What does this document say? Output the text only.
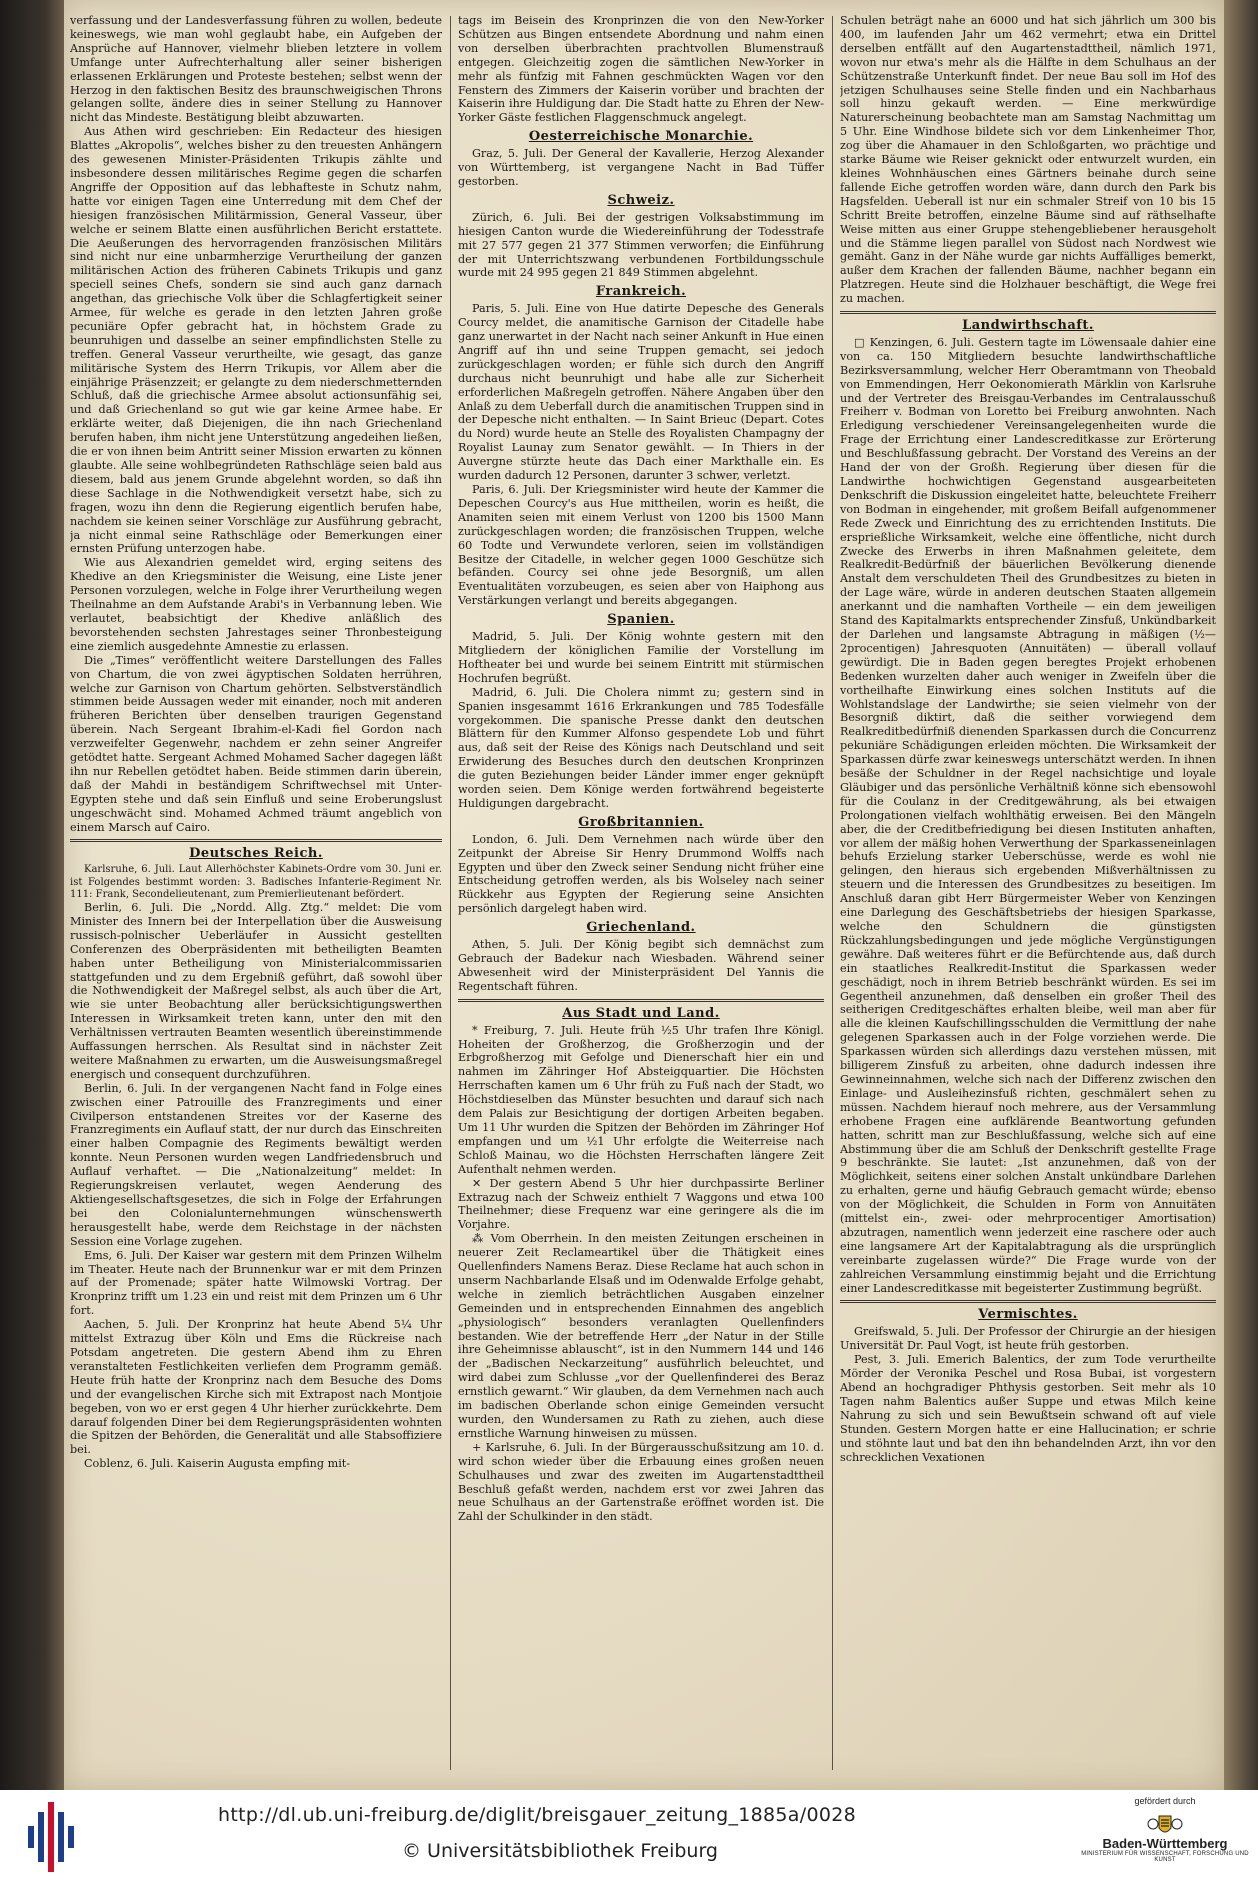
verfassung und der Landesverfassung führen zu wollen, bedeute keineswegs, wie man wohl geglaubt habe, ein Aufgeben der Ansprüche auf Hannover, vielmehr blieben letztere in vollem Umfange unter Aufrechterhaltung aller seiner bisherigen erlassenen Erklärungen und Proteste bestehen; selbst wenn der Herzog in den faktischen Besitz des braunschweigischen Throns gelangen sollte, ändere dies in seiner Stellung zu Hannover nicht das Mindeste. Bestätigung bleibt abzuwarten.

Aus Athen wird geschrieben: Ein Redacteur des hiesigen Blattes „Akropolis“, welches bisher zu den treuesten Anhängern des gewesenen Minister-Präsidenten Trikupis zählte und insbesondere dessen militärisches Regime gegen die scharfen Angriffe der Opposition auf das lebhafteste in Schutz nahm, hatte vor einigen Tagen eine Unterredung mit dem Chef der hiesigen französischen Militärmission, General Vasseur, über welche er seinem Blatte einen ausführlichen Bericht erstattete. Die Aeußerungen des hervorragenden französischen Militärs sind nicht nur eine unbarmherzige Verurtheilung der ganzen militärischen Action des früheren Cabinets Trikupis und ganz speciell seines Chefs, sondern sie sind auch ganz darnach angethan, das griechische Volk über die Schlagfertigkeit seiner Armee, für welche es gerade in den letzten Jahren große pecuniäre Opfer gebracht hat, in höchstem Grade zu beunruhigen und dasselbe an seiner empfindlichsten Stelle zu treffen. General Vasseur verurtheilte, wie gesagt, das ganze militärische System des Herrn Trikupis, vor Allem aber die einjährige Präsenzzeit; er gelangte zu dem niederschmetternden Schluß, daß die griechische Armee absolut actionsunfähig sei, und daß Griechenland so gut wie gar keine Armee habe. Er erklärte weiter, daß Diejenigen, die ihn nach Griechenland berufen haben, ihm nicht jene Unterstützung angedeihen ließen, die er von ihnen beim Antritt seiner Mission erwarten zu können glaubte. Alle seine wohlbegründeten Rathschläge seien bald aus diesem, bald aus jenem Grunde abgelehnt worden, so daß ihn diese Sachlage in die Nothwendigkeit versetzt habe, sich zu fragen, wozu ihn denn die Regierung eigentlich berufen habe, nachdem sie keinen seiner Vorschläge zur Ausführung gebracht, ja nicht einmal seine Rathschläge oder Bemerkungen einer ernsten Prüfung unterzogen habe.

Wie aus Alexandrien gemeldet wird, erging seitens des Khedive an den Kriegsminister die Weisung, eine Liste jener Personen vorzulegen, welche in Folge ihrer Verurtheilung wegen Theilnahme an dem Aufstande Arabi's in Verbannung leben. Wie verlautet, beabsichtigt der Khedive anläßlich des bevorstehenden sechsten Jahrestages seiner Thronbesteigung eine ziemlich ausgedehnte Amnestie zu erlassen.

Die „Times“ veröffentlicht weitere Darstellungen des Falles von Chartum, die von zwei ägyptischen Soldaten herrühren, welche zur Garnison von Chartum gehörten. Selbstverständlich stimmen beide Aussagen weder mit einander, noch mit anderen früheren Berichten über denselben traurigen Gegenstand überein. Nach Sergeant Ibrahim-el-Kadi fiel Gordon nach verzweifelter Gegenwehr, nachdem er zehn seiner Angreifer getödtet hatte. Sergeant Achmed Mohamed Sacher dagegen läßt ihn nur Rebellen getödtet haben. Beide stimmen darin überein, daß der Mahdi in beständigem Schriftwechsel mit Unter-Egypten stehe und daß sein Einfluß und seine Eroberungslust ungeschwächt sind. Mohamed Achmed träumt angeblich von einem Marsch auf Cairo.

Deutsches Reich.

Karlsruhe, 6. Juli. Laut Allerhöchster Kabinets-Ordre vom 30. Juni er. ist Folgendes bestimmt worden: 3. Badisches Infanterie-Regiment Nr. 111: Frank, Secondelieutenant, zum Premierlieutenant befördert.

Berlin, 6. Juli. Die „Nordd. Allg. Ztg.“ meldet: Die vom Minister des Innern bei der Interpellation über die Ausweisung russisch-polnischer Ueberläufer in Aussicht gestellten Conferenzen des Oberpräsidenten mit betheiligten Beamten haben unter Betheiligung von Ministerialcommissarien stattgefunden und zu dem Ergebniß geführt, daß sowohl über die Nothwendigkeit der Maßregel selbst, als auch über die Art, wie sie unter Beobachtung aller berücksichtigungswerthen Interessen in Wirksamkeit treten kann, unter den mit den Verhältnissen vertrauten Beamten wesentlich übereinstimmende Auffassungen herrschen. Als Resultat sind in nächster Zeit weitere Maßnahmen zu erwarten, um die Ausweisungsmaßregel energisch und consequent durchzuführen.

Berlin, 6. Juli. In der vergangenen Nacht fand in Folge eines zwischen einer Patrouille des Franzregiments und einer Civilperson entstandenen Streites vor der Kaserne des Franzregiments ein Auflauf statt, der nur durch das Einschreiten einer halben Compagnie des Regiments bewältigt werden konnte. Neun Personen wurden wegen Landfriedensbruch und Auflauf verhaftet. — Die „Nationalzeitung“ meldet: In Regierungskreisen verlautet, wegen Aenderung des Aktiengesellschaftsgesetzes, die sich in Folge der Erfahrungen bei den Colonialunternehmungen wünschenswerth herausgestellt habe, werde dem Reichstage in der nächsten Session eine Vorlage zugehen.

Ems, 6. Juli. Der Kaiser war gestern mit dem Prinzen Wilhelm im Theater. Heute nach der Brunnenkur war er mit dem Prinzen auf der Promenade; später hatte Wilmowski Vortrag. Der Kronprinz trifft um 1.23 ein und reist mit dem Prinzen um 6 Uhr fort.

Aachen, 5. Juli. Der Kronprinz hat heute Abend 5¼ Uhr mittelst Extrazug über Köln und Ems die Rückreise nach Potsdam angetreten. Die gestern Abend ihm zu Ehren veranstalteten Festlichkeiten verliefen dem Programm gemäß. Heute früh hatte der Kronprinz nach dem Besuche des Doms und der evangelischen Kirche sich mit Extrapost nach Montjoie begeben, von wo er erst gegen 4 Uhr hierher zurückkehrte. Dem darauf folgenden Diner bei dem Regierungspräsidenten wohnten die Spitzen der Behörden, die Generalität und alle Stabsoffiziere bei.

Coblenz, 6. Juli. Kaiserin Augusta empfing mit-

tags im Beisein des Kronprinzen die von den New-Yorker Schützen aus Bingen entsendete Abordnung und nahm einen von derselben überbrachten prachtvollen Blumenstrauß entgegen. Gleichzeitig zogen die sämtlichen New-Yorker in mehr als fünfzig mit Fahnen geschmückten Wagen vor den Fenstern des Zimmers der Kaiserin vorüber und brachten der Kaiserin ihre Huldigung dar. Die Stadt hatte zu Ehren der New-Yorker Gäste festlichen Flaggenschmuck angelegt.

Oesterreichische Monarchie.

Graz, 5. Juli. Der General der Kavallerie, Herzog Alexander von Württemberg, ist vergangene Nacht in Bad Tüffer gestorben.

Schweiz.

Zürich, 6. Juli. Bei der gestrigen Volksabstimmung im hiesigen Canton wurde die Wiedereinführung der Todesstrafe mit 27 577 gegen 21 377 Stimmen verworfen; die Einführung der mit Unterrichtszwang verbundenen Fortbildungsschule wurde mit 24 995 gegen 21 849 Stimmen abgelehnt.

Frankreich.

Paris, 5. Juli. Eine von Hue datirte Depesche des Generals Courcy meldet, die anamitische Garnison der Citadelle habe ganz unerwartet in der Nacht nach seiner Ankunft in Hue einen Angriff auf ihn und seine Truppen gemacht, sei jedoch zurückgeschlagen worden; er fühle sich durch den Angriff durchaus nicht beunruhigt und habe alle zur Sicherheit erforderlichen Maßregeln getroffen. Nähere Angaben über den Anlaß zu dem Ueberfall durch die anamitischen Truppen sind in der Depesche nicht enthalten. — In Saint Brieuc (Depart. Cotes du Nord) wurde heute an Stelle des Royalisten Champagny der Royalist Launay zum Senator gewählt. — In Thiers in der Auvergne stürzte heute das Dach einer Markthalle ein. Es wurden dadurch 12 Personen, darunter 3 schwer, verletzt.

Paris, 6. Juli. Der Kriegsminister wird heute der Kammer die Depeschen Courcy's aus Hue mittheilen, worin es heißt, die Anamiten seien mit einem Verlust von 1200 bis 1500 Mann zurückgeschlagen worden; die französischen Truppen, welche 60 Todte und Verwundete verloren, seien im vollständigen Besitze der Citadelle, in welcher gegen 1000 Geschütze sich befänden. Courcy sei ohne jede Besorgniß, um allen Eventualitäten vorzubeugen, es seien aber von Haiphong aus Verstärkungen verlangt und bereits abgegangen.

Spanien.

Madrid, 5. Juli. Der König wohnte gestern mit den Mitgliedern der königlichen Familie der Vorstellung im Hoftheater bei und wurde bei seinem Eintritt mit stürmischen Hochrufen begrüßt.

Madrid, 6. Juli. Die Cholera nimmt zu; gestern sind in Spanien insgesammt 1616 Erkrankungen und 785 Todesfälle vorgekommen. Die spanische Presse dankt den deutschen Blättern für den Kummer Alfonso gespendete Lob und führt aus, daß seit der Reise des Königs nach Deutschland und seit Erwiderung des Besuches durch den deutschen Kronprinzen die guten Beziehungen beider Länder immer enger geknüpft worden seien. Dem Könige werden fortwährend begeisterte Huldigungen dargebracht.

Großbritannien.

London, 6. Juli. Dem Vernehmen nach würde über den Zeitpunkt der Abreise Sir Henry Drummond Wolffs nach Egypten und über den Zweck seiner Sendung nicht früher eine Entscheidung getroffen werden, als bis Wolseley nach seiner Rückkehr aus Egypten der Regierung seine Ansichten persönlich dargelegt haben wird.

Griechenland.

Athen, 5. Juli. Der König begibt sich demnächst zum Gebrauch der Badekur nach Wiesbaden. Während seiner Abwesenheit wird der Ministerpräsident Del Yannis die Regentschaft führen.

Aus Stadt und Land.

* Freiburg, 7. Juli. Heute früh ½5 Uhr trafen Ihre Königl. Hoheiten der Großherzog, die Großherzogin und der Erbgroßherzog mit Gefolge und Dienerschaft hier ein und nahmen im Zähringer Hof Absteigquartier. Die Höchsten Herrschaften kamen um 6 Uhr früh zu Fuß nach der Stadt, wo Höchstdieselben das Münster besuchten und darauf sich nach dem Palais zur Besichtigung der dortigen Arbeiten begaben. Um 11 Uhr wurden die Spitzen der Behörden im Zähringer Hof empfangen und um ½1 Uhr erfolgte die Weiterreise nach Schloß Mainau, wo die Höchsten Herrschaften längere Zeit Aufenthalt nehmen werden.

✕ Der gestern Abend 5 Uhr hier durchpassirte Berliner Extrazug nach der Schweiz enthielt 7 Waggons und etwa 100 Theilnehmer; diese Frequenz war eine geringere als die im Vorjahre.

⁂ Vom Oberrhein. In den meisten Zeitungen erscheinen in neuerer Zeit Reclameartikel über die Thätigkeit eines Quellenfinders Namens Beraz. Diese Reclame hat auch schon in unserm Nachbarlande Elsaß und im Odenwalde Erfolge gehabt, welche in ziemlich beträchtlichen Ausgaben einzelner Gemeinden und in entsprechenden Einnahmen des angeblich „physiologisch“ besonders veranlagten Quellenfinders bestanden. Wie der betreffende Herr „der Natur in der Stille ihre Geheimnisse ablauscht“, ist in den Nummern 144 und 146 der „Badischen Neckarzeitung“ ausführlich beleuchtet, und wird dabei zum Schlusse „vor der Quellenfinderei des Beraz ernstlich gewarnt.“ Wir glauben, da dem Vernehmen nach auch im badischen Oberlande schon einige Gemeinden versucht wurden, den Wundersamen zu Rath zu ziehen, auch diese ernstliche Warnung hinweisen zu müssen.

+ Karlsruhe, 6. Juli. In der Bürgerausschußsitzung am 10. d. wird schon wieder über die Erbauung eines großen neuen Schulhauses und zwar des zweiten im Augartenstadttheil Beschluß gefaßt werden, nachdem erst vor zwei Jahren das neue Schulhaus an der Gartenstraße eröffnet worden ist. Die Zahl der Schulkinder in den städt.

Schulen beträgt nahe an 6000 und hat sich jährlich um 300 bis 400, im laufenden Jahr um 462 vermehrt; etwa ein Drittel derselben entfällt auf den Augartenstadttheil, nämlich 1971, wovon nur etwa's mehr als die Hälfte in dem Schulhaus an der Schützenstraße Unterkunft findet. Der neue Bau soll im Hof des jetzigen Schulhauses seine Stelle finden und ein Nachbarhaus soll hinzu gekauft werden. — Eine merkwürdige Naturerscheinung beobachtete man am Samstag Nachmittag um 5 Uhr. Eine Windhose bildete sich vor dem Linkenheimer Thor, zog über die Ahamauer in den Schloßgarten, wo prächtige und starke Bäume wie Reiser geknickt oder entwurzelt wurden, ein kleines Wohnhäuschen eines Gärtners beinahe durch seine fallende Eiche getroffen worden wäre, dann durch den Park bis Hagsfelden. Ueberall ist nur ein schmaler Streif von 10 bis 15 Schritt Breite betroffen, einzelne Bäume sind auf räthselhafte Weise mitten aus einer Gruppe stehengebliebener herausgeholt und die Stämme liegen parallel von Südost nach Nordwest wie gemäht. Ganz in der Nähe wurde gar nichts Auffälliges bemerkt, außer dem Krachen der fallenden Bäume, nachher begann ein Platzregen. Heute sind die Holzhauer beschäftigt, die Wege frei zu machen.

Landwirthschaft.

□ Kenzingen, 6. Juli. Gestern tagte im Löwensaale dahier eine von ca. 150 Mitgliedern besuchte landwirthschaftliche Bezirksversammlung, welcher Herr Oberamtmann von Theobald von Emmendingen, Herr Oekonomierath Märklin von Karlsruhe und der Vertreter des Breisgau-Verbandes im Centralausschuß Freiherr v. Bodman von Loretto bei Freiburg anwohnten. Nach Erledigung verschiedener Vereinsangelegenheiten wurde die Frage der Errichtung einer Landescreditkasse zur Erörterung und Beschlußfassung gebracht. Der Vorstand des Vereins an der Hand der von der Großh. Regierung über diesen für die Landwirthe hochwichtigen Gegenstand ausgearbeiteten Denkschrift die Diskussion eingeleitet hatte, beleuchtete Freiherr von Bodman in eingehender, mit großem Beifall aufgenommener Rede Zweck und Einrichtung des zu errichtenden Instituts. Die ersprießliche Wirksamkeit, welche eine öffentliche, nicht durch Zwecke des Erwerbs in ihren Maßnahmen geleitete, dem Realkredit-Bedürfniß der bäuerlichen Bevölkerung dienende Anstalt dem verschuldeten Theil des Grundbesitzes zu bieten in der Lage wäre, würde in anderen deutschen Staaten allgemein anerkannt und die namhaften Vortheile — ein dem jeweiligen Stand des Kapitalmarkts entsprechender Zinsfuß, Unkündbarkeit der Darlehen und langsamste Abtragung in mäßigen (½—2procentigen) Jahresquoten (Annuitäten) — überall vollauf gewürdigt. Die in Baden gegen beregtes Projekt erhobenen Bedenken wurzelten daher auch weniger in Zweifeln über die vortheilhafte Einwirkung eines solchen Instituts auf die Wohlstandslage der Landwirthe; sie seien vielmehr von der Besorgniß diktirt, daß die seither vorwiegend dem Realkreditbedürfniß dienenden Sparkassen durch die Concurrenz pekuniäre Schädigungen erleiden möchten. Die Wirksamkeit der Sparkassen dürfe zwar keineswegs unterschätzt werden. In ihnen besäße der Schuldner in der Regel nachsichtige und loyale Gläubiger und das persönliche Verhältniß könne sich ebensowohl für die Coulanz in der Creditgewährung, als bei etwaigen Prolongationen vielfach wohlthätig erweisen. Bei den Mängeln aber, die der Creditbefriedigung bei diesen Instituten anhaften, vor allem der mäßig hohen Verwerthung der Sparkasseneinlagen behufs Erzielung starker Ueberschüsse, werde es wohl nie gelingen, den hieraus sich ergebenden Mißverhältnissen zu steuern und die Interessen des Grundbesitzes zu beseitigen. Im Anschluß daran gibt Herr Bürgermeister Weber von Kenzingen eine Darlegung des Geschäftsbetriebs der hiesigen Sparkasse, welche den Schuldnern die günstigsten Rückzahlungsbedingungen und jede mögliche Vergünstigungen gewähre. Daß weiteres führt er die Befürchtende aus, daß durch ein staatliches Realkredit-Institut die Sparkassen weder geschädigt, noch in ihrem Betrieb beschränkt würden. Es sei im Gegentheil anzunehmen, daß denselben ein großer Theil des seitherigen Creditgeschäftes erhalten bleibe, weil man aber für alle die kleinen Kaufschillingsschulden die Vermittlung der nahe gelegenen Sparkassen auch in der Folge vorziehen werde. Die Sparkassen würden sich allerdings dazu verstehen müssen, mit billigerem Zinsfuß zu arbeiten, ohne dadurch indessen ihre Gewinneinnahmen, welche sich nach der Differenz zwischen den Einlage- und Ausleihezinsfuß richten, geschmälert sehen zu müssen. Nachdem hierauf noch mehrere, aus der Versammlung erhobene Fragen eine aufklärende Beantwortung gefunden hatten, schritt man zur Beschlußfassung, welche sich auf eine Abstimmung über die am Schluß der Denkschrift gestellte Frage 9 beschränkte. Sie lautet: „Ist anzunehmen, daß von der Möglichkeit, seitens einer solchen Anstalt unkündbare Darlehen zu erhalten, gerne und häufig Gebrauch gemacht würde; ebenso von der Möglichkeit, die Schulden in Form von Annuitäten (mittelst ein-, zwei- oder mehrprocentiger Amortisation) abzutragen, namentlich wenn jederzeit eine raschere oder auch eine langsamere Art der Kapitalabtragung als die ursprünglich vereinbarte zugelassen würde?“ Die Frage wurde von der zahlreichen Versammlung einstimmig bejaht und die Errichtung einer Landescreditkasse mit begeisterter Zustimmung begrüßt.

Vermischtes.

Greifswald, 5. Juli. Der Professor der Chirurgie an der hiesigen Universität Dr. Paul Vogt, ist heute früh gestorben.

Pest, 3. Juli. Emerich Balentics, der zum Tode verurtheilte Mörder der Veronika Peschel und Rosa Bubai, ist vorgestern Abend an hochgradiger Phthysis gestorben. Seit mehr als 10 Tagen nahm Balentics außer Suppe und etwas Milch keine Nahrung zu sich und sein Bewußtsein schwand oft auf viele Stunden. Gestern Morgen hatte er eine Hallucination; er schrie und stöhnte laut und bat den ihn behandelnden Arzt, ihn vor den schrecklichen Vexationen

http://dl.ub.uni-freiburg.de/diglit/breisgauer_zeitung_1885a/0028
© Universitätsbibliothek Freiburg
gefördert durch
Baden-Württemberg
MINISTERIUM FÜR WISSENSCHAFT, FORSCHUNG UND KUNST
